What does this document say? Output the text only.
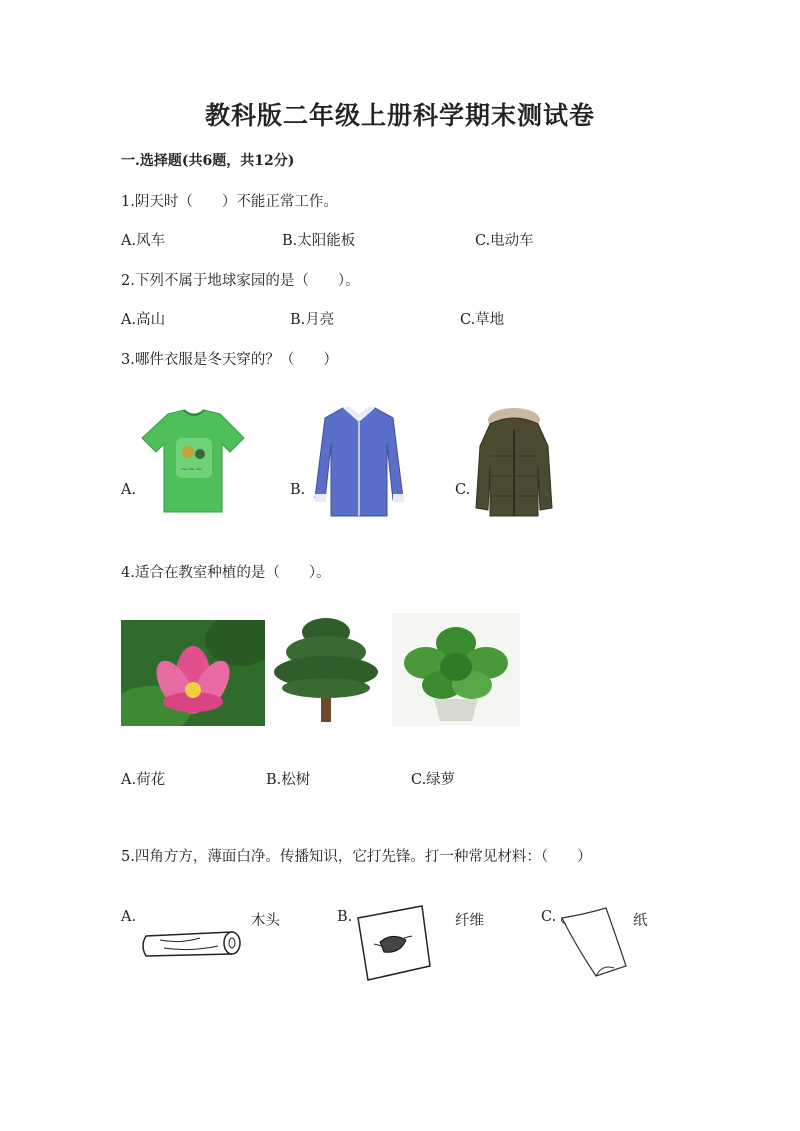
教科版二年级上册科学期末测试卷
一.选择题(共6题，共12分)
1.阴天时（　　）不能正常工作。
A.风车	B.太阳能板	C.电动车
2.下列不属于地球家园的是（　　）。
A.高山	B.月亮	C.草地
3.哪件衣服是冬天穿的？（　　）
A.	B.	C.
~~~
4.适合在教室种植的是（　　）。
A.荷花	B.松树	C.绿萝
5.四角方方，薄面白净。传播知识，它打先锋。打一种常见材料：（　　）
A.	木头	B.	纤维	C.	纸
